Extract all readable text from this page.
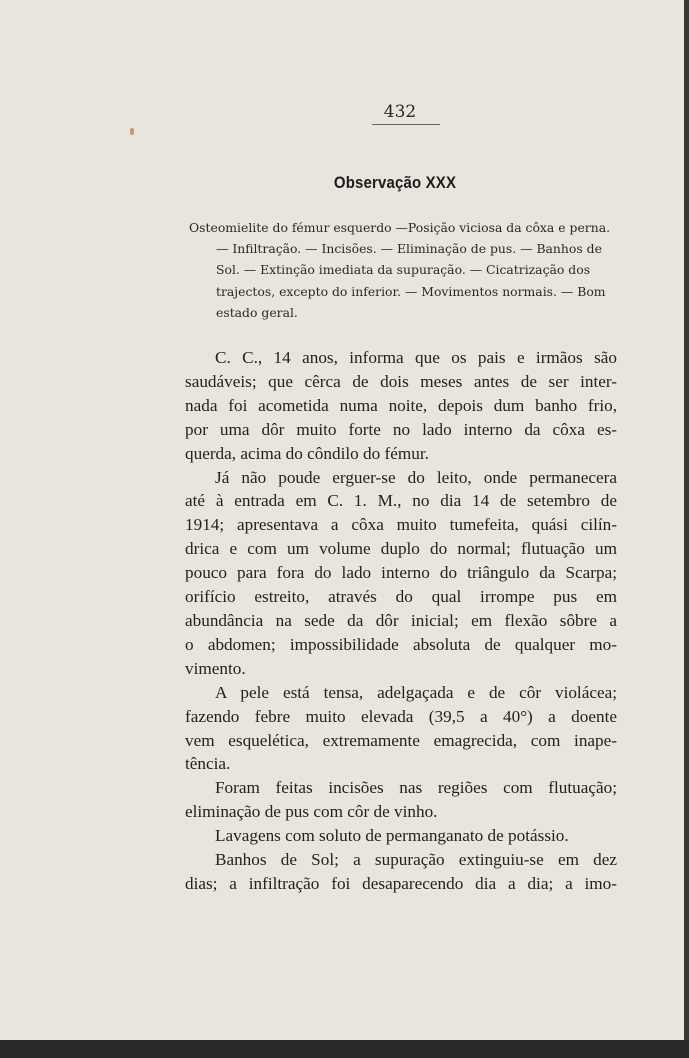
432
Observação XXX
Osteomielite do fémur esquerdo —Posição viciosa da côxa e perna.
— Infiltração. — Incisões. — Eliminação de pus. — Banhos de
Sol. — Extinção imediata da supuração. — Cicatrização dos
trajectos, excepto do inferior. — Movimentos normais. — Bom
estado geral.
C. C., 14 anos, informa que os pais e irmãos são
saudáveis; que cêrca de dois meses antes de ser inter-
nada foi acometida numa noite, depois dum banho frio,
por uma dôr muito forte no lado interno da côxa es-
querda, acima do côndilo do fémur.
Já não poude erguer-se do leito, onde permanecera
até à entrada em C. 1. M., no dia 14 de setembro de
1914; apresentava a côxa muito tumefeita, quási cilín-
drica e com um volume duplo do normal; flutuação um
pouco para fora do lado interno do triângulo da Scarpa;
orifício estreito, através do qual irrompe pus em
abundância na sede da dôr inicial; em flexão sôbre a
o abdomen; impossibilidade absoluta de qualquer mo-
vimento.
A pele está tensa, adelgaçada e de côr violácea;
fazendo febre muito elevada (39,5 a 40°) a doente
vem esquelética, extremamente emagrecida, com inape-
tência.
Foram feitas incisões nas regiões com flutuação;
eliminação de pus com côr de vinho.
Lavagens com soluto de permanganato de potássio.
Banhos de Sol; a supuração extinguiu-se em dez
dias; a infiltração foi desaparecendo dia a dia; a imo-
